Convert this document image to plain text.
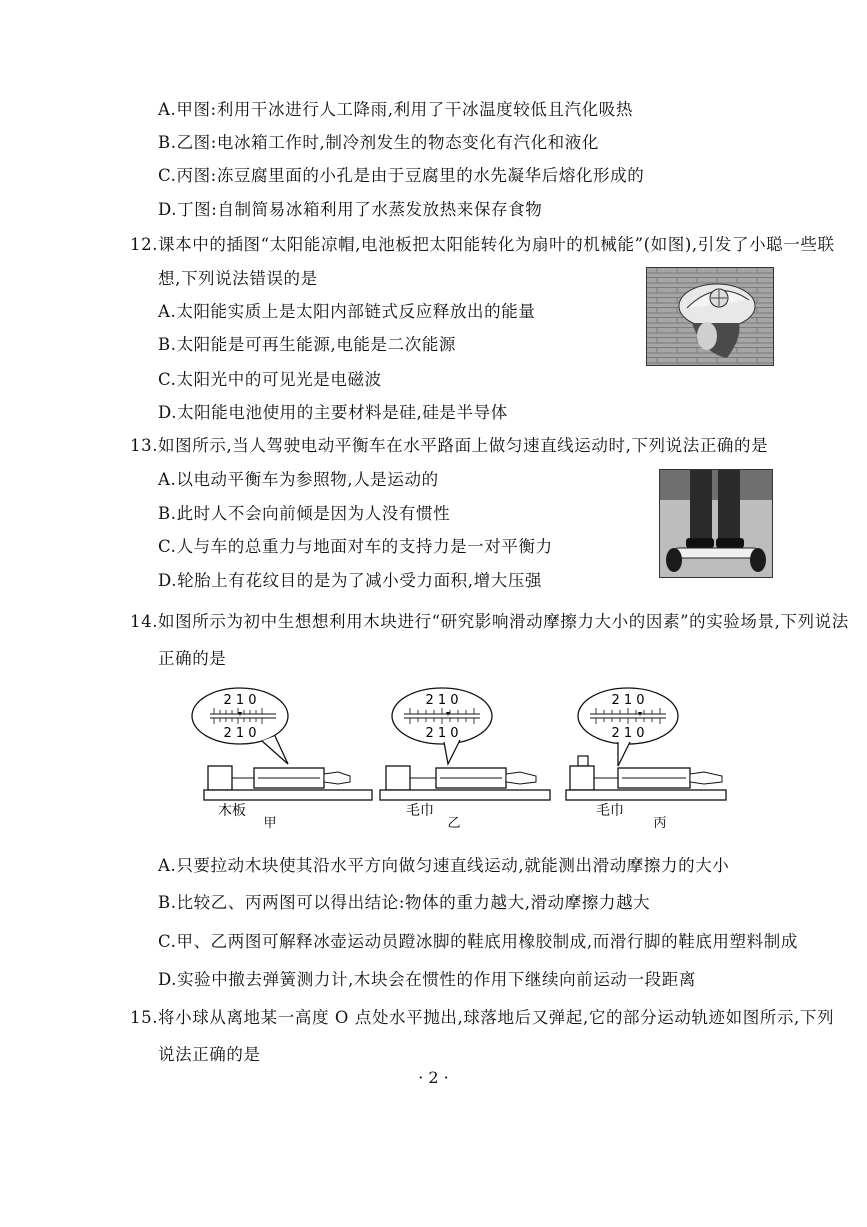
A.甲图:利用干冰进行人工降雨,利用了干冰温度较低且汽化吸热
B.乙图:电冰箱工作时,制冷剂发生的物态变化有汽化和液化
C.丙图:冻豆腐里面的小孔是由于豆腐里的水先凝华后熔化形成的
D.丁图:自制简易冰箱利用了水蒸发放热来保存食物
12.课本中的插图“太阳能凉帽,电池板把太阳能转化为扇叶的机械能”(如图),引发了小聪一些联
想,下列说法错误的是
A.太阳能实质上是太阳内部链式反应释放出的能量
B.太阳能是可再生能源,电能是二次能源
C.太阳光中的可见光是电磁波
D.太阳能电池使用的主要材料是硅,硅是半导体
13.如图所示,当人驾驶电动平衡车在水平路面上做匀速直线运动时,下列说法正确的是
A.以电动平衡车为参照物,人是运动的
B.此时人不会向前倾是因为人没有惯性
C.人与车的总重力与地面对车的支持力是一对平衡力
D.轮胎上有花纹目的是为了减小受力面积,增大压强
14.如图所示为初中生想想利用木块进行“研究影响滑动摩擦力大小的因素”的实验场景,下列说法
正确的是
2 1 0
2 1 0
木板
甲
2 1 0
2 1 0
毛巾
乙
2 1 0
2 1 0
毛巾
丙
A.只要拉动木块使其沿水平方向做匀速直线运动,就能测出滑动摩擦力的大小
B.比较乙、丙两图可以得出结论:物体的重力越大,滑动摩擦力越大
C.甲、乙两图可解释冰壶运动员蹬冰脚的鞋底用橡胶制成,而滑行脚的鞋底用塑料制成
D.实验中撤去弹簧测力计,木块会在惯性的作用下继续向前运动一段距离
15.将小球从离地某一高度 O 点处水平抛出,球落地后又弹起,它的部分运动轨迹如图所示,下列
说法正确的是
· 2 ·
